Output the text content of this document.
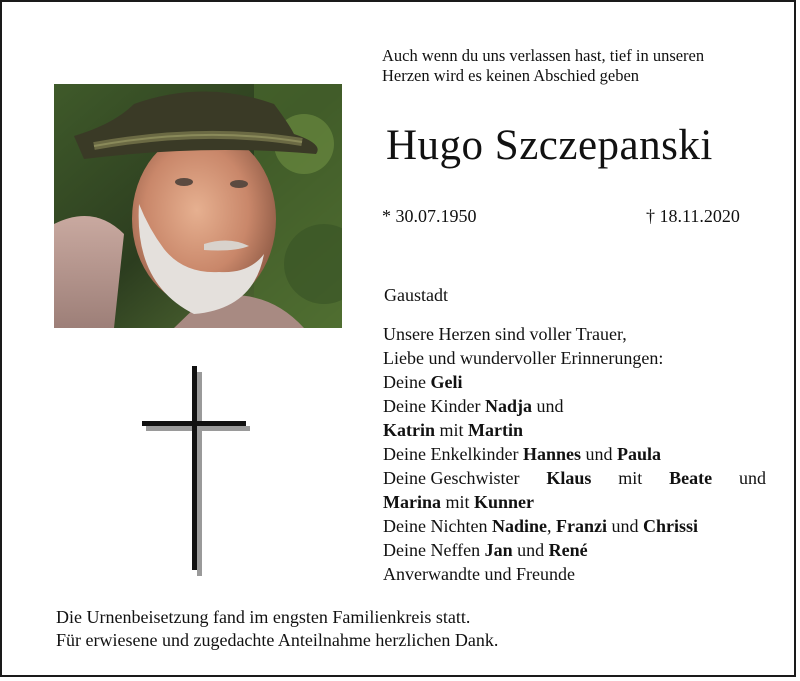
Auch wenn du uns verlassen hast, tief in unseren
Herzen wird es keinen Abschied geben
Hugo Szczepanski
* 30.07.1950	† 18.11.2020
Gaustadt
Unsere Herzen sind voller Trauer,
Liebe und wundervoller Erinnerungen:
Deine Geli
Deine Kinder Nadja und
Katrin mit Martin
Deine Enkelkinder Hannes und Paula
Deine Geschwister Klaus mit Beate und
Marina mit Kunner
Deine Nichten Nadine, Franzi und Chrissi
Deine Neffen Jan und René
Anverwandte und Freunde
Die Urnenbeisetzung fand im engsten Familienkreis statt.
Für erwiesene und zugedachte Anteilnahme herzlichen Dank.
